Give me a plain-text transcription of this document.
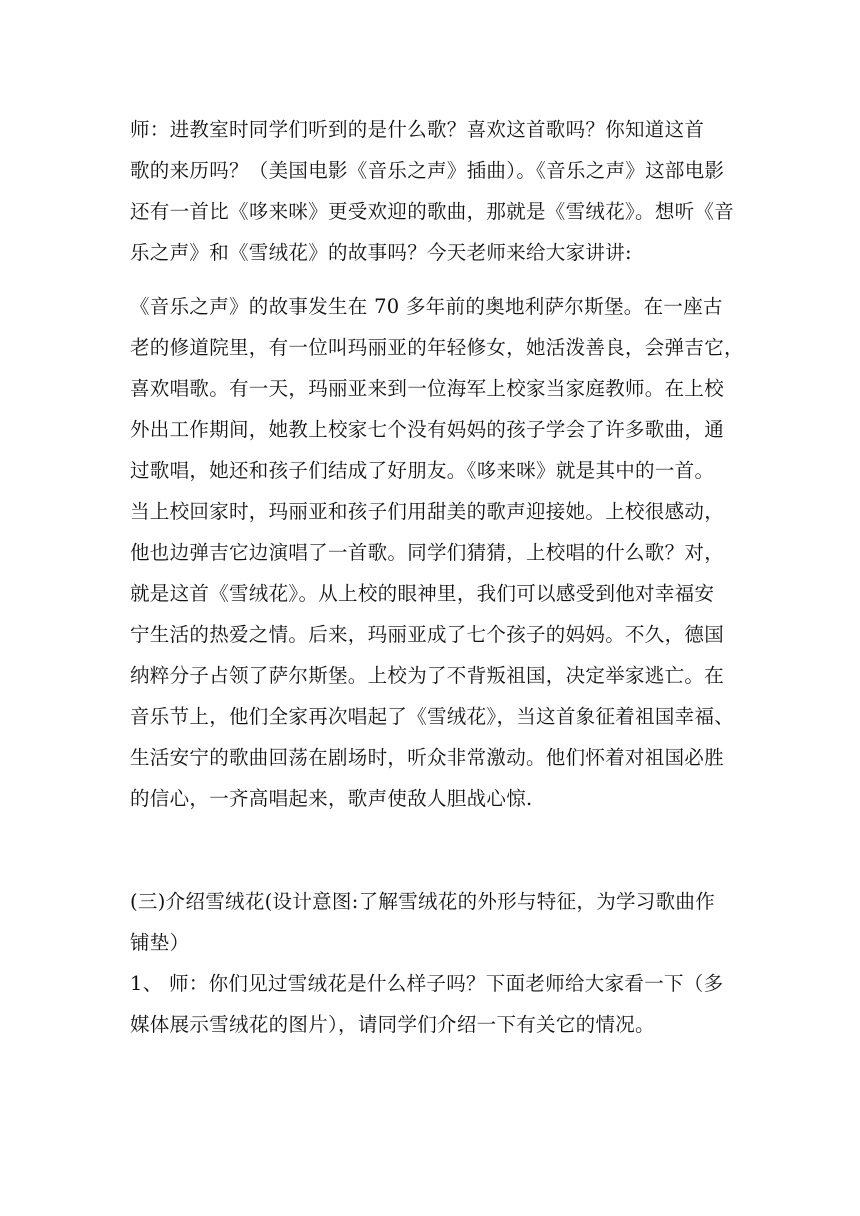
师：进教室时同学们听到的是什么歌？喜欢这首歌吗？你知道这首
歌的来历吗？（美国电影《音乐之声》插曲）。《音乐之声》这部电影
还有一首比《哆来咪》更受欢迎的歌曲，那就是《雪绒花》。想听《音
乐之声》和《雪绒花》的故事吗？今天老师来给大家讲讲:
《音乐之声》的故事发生在 70 多年前的奥地利萨尔斯堡。在一座古
老的修道院里，有一位叫玛丽亚的年轻修女，她活泼善良，会弹吉它，
喜欢唱歌。有一天，玛丽亚来到一位海军上校家当家庭教师。在上校
外出工作期间，她教上校家七个没有妈妈的孩子学会了许多歌曲，通
过歌唱，她还和孩子们结成了好朋友。《哆来咪》就是其中的一首。
当上校回家时，玛丽亚和孩子们用甜美的歌声迎接她。上校很感动，
他也边弹吉它边演唱了一首歌。同学们猜猜，上校唱的什么歌？对，
就是这首《雪绒花》。从上校的眼神里，我们可以感受到他对幸福安
宁生活的热爱之情。后来，玛丽亚成了七个孩子的妈妈。不久，德国
纳粹分子占领了萨尔斯堡。上校为了不背叛祖国，决定举家逃亡。在
音乐节上，他们全家再次唱起了《雪绒花》，当这首象征着祖国幸福、
生活安宁的歌曲回荡在剧场时，听众非常激动。他们怀着对祖国必胜
的信心，一齐高唱起来，歌声使敌人胆战心惊.
(三)介绍雪绒花(设计意图:了解雪绒花的外形与特征，为学习歌曲作
铺垫）
1、 师：你们见过雪绒花是什么样子吗？下面老师给大家看一下（多
媒体展示雪绒花的图片），请同学们介绍一下有关它的情况。
